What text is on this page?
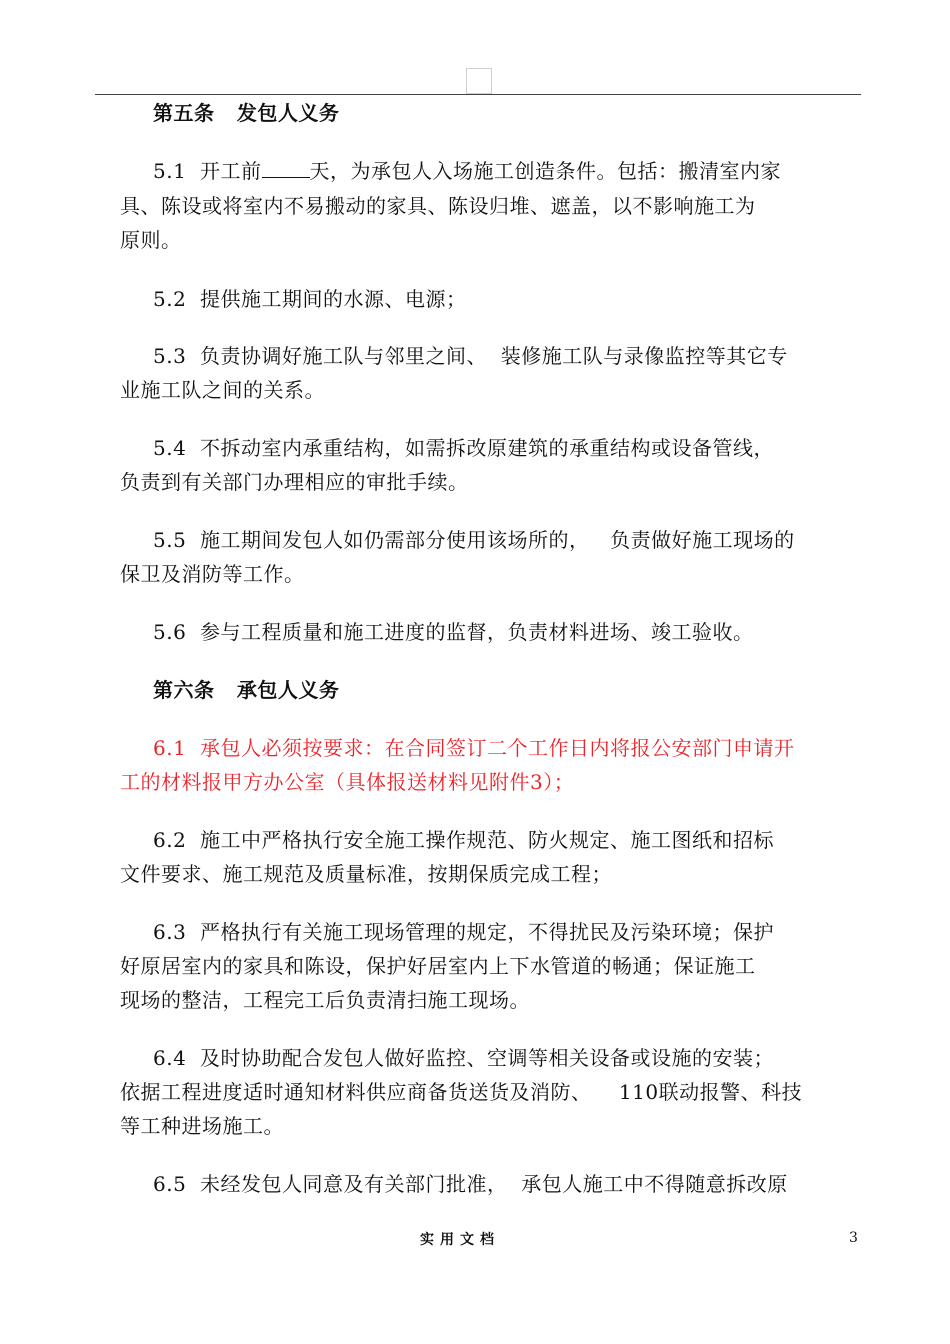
第五条   发包人义务
5.1  开工前 天，为承包人入场施工创造条件。包括：搬清室内家
具、陈设或将室内不易搬动的家具、陈设归堆、遮盖，以不影响施工为
原则。
5.2  提供施工期间的水源、电源；
5.3  负责协调好施工队与邻里之间、  装修施工队与录像监控等其它专
业施工队之间的关系。
5.4  不拆动室内承重结构，如需拆改原建筑的承重结构或设备管线，
负责到有关部门办理相应的审批手续。
5.5  施工期间发包人如仍需部分使用该场所的，   负责做好施工现场的
保卫及消防等工作。
5.6  参与工程质量和施工进度的监督，负责材料进场、竣工验收。
第六条   承包人义务
6.1  承包人必须按要求：在合同签订二个工作日内将报公安部门申请开
工的材料报甲方办公室（具体报送材料见附件3）；
6.2  施工中严格执行安全施工操作规范、防火规定、施工图纸和招标
文件要求、施工规范及质量标准，按期保质完成工程；
6.3  严格执行有关施工现场管理的规定，不得扰民及污染环境；保护
好原居室内的家具和陈设，保护好居室内上下水管道的畅通；保证施工
现场的整洁，工程完工后负责清扫施工现场。
6.4  及时协助配合发包人做好监控、空调等相关设备或设施的安装；
依据工程进度适时通知材料供应商备货送货及消防、    110联动报警、科技
等工种进场施工。
6.5  未经发包人同意及有关部门批准，  承包人施工中不得随意拆改原
实用文档	3
